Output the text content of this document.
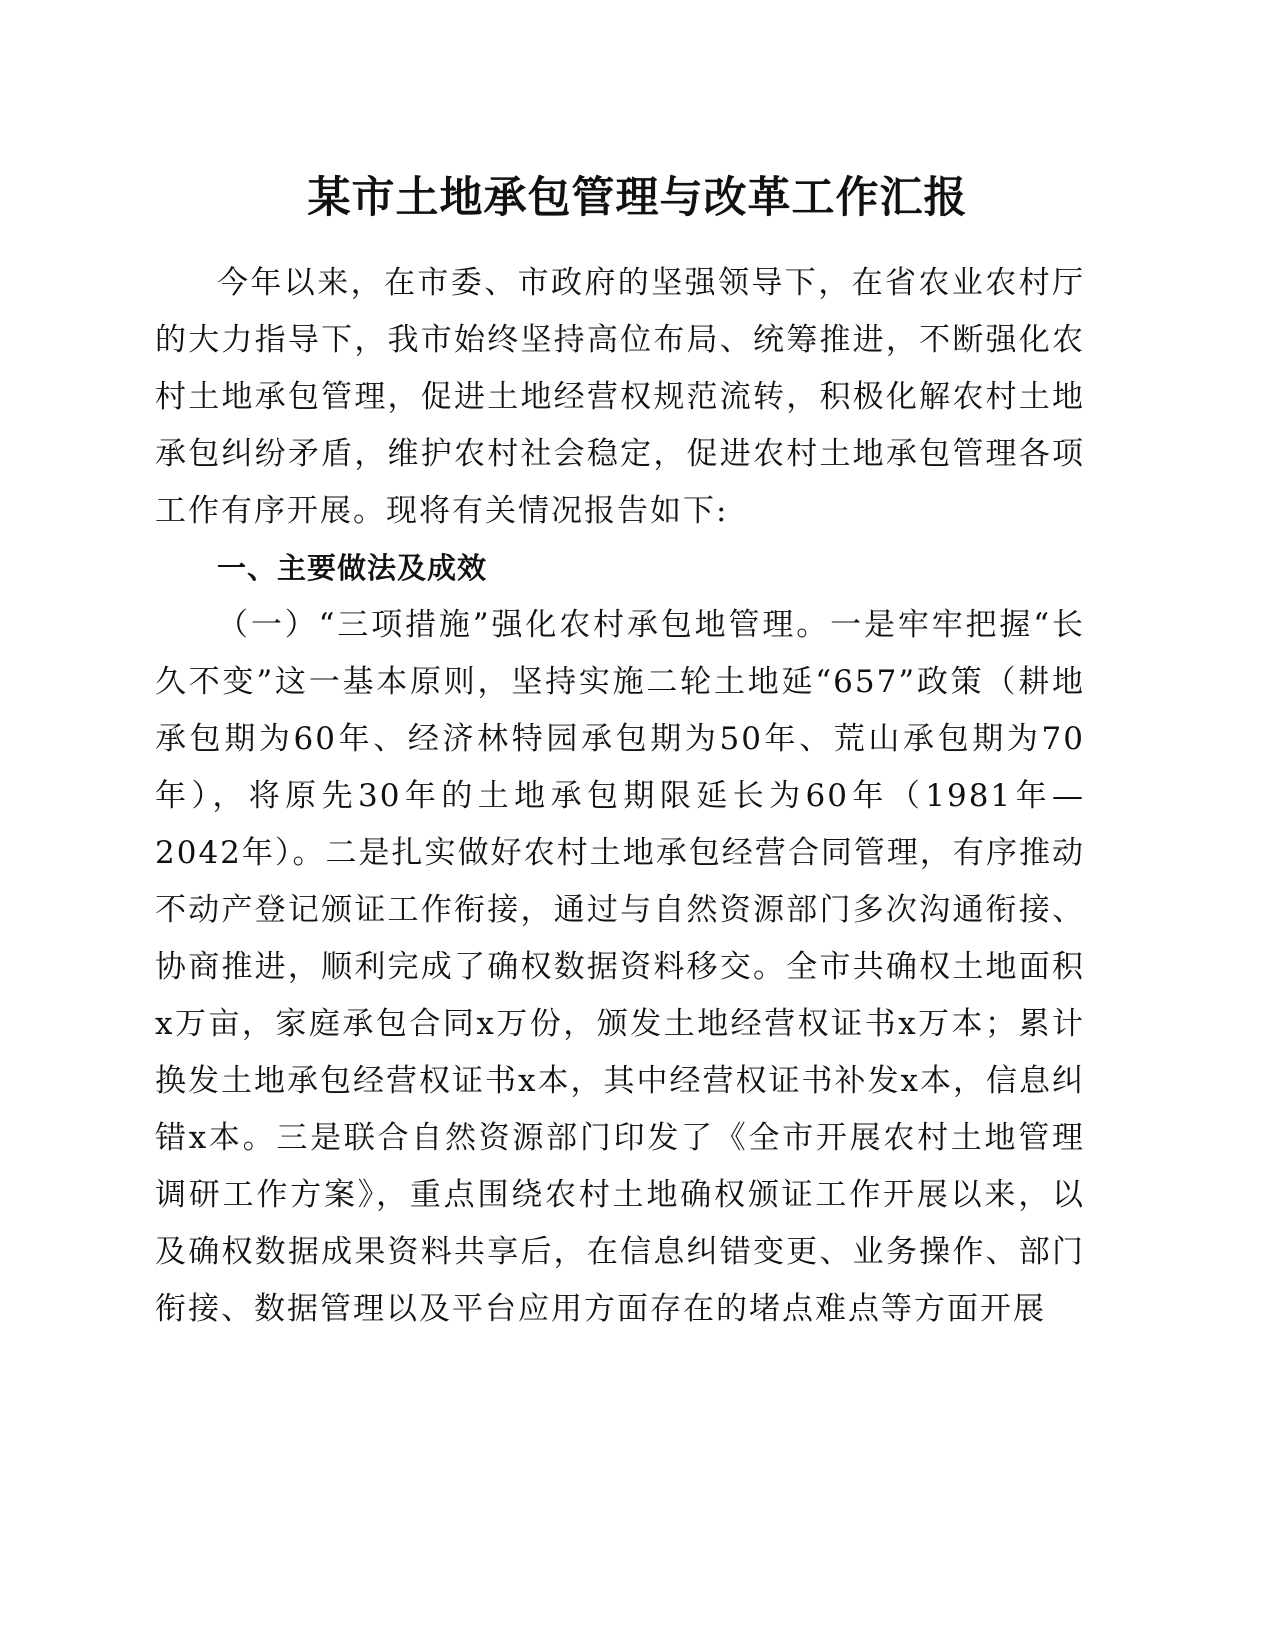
某市土地承包管理与改革工作汇报

今年以来，在市委、市政府的坚强领导下，在省农业农村厅的大力指导下，我市始终坚持高位布局、统筹推进，不断强化农村土地承包管理，促进土地经营权规范流转，积极化解农村土地承包纠纷矛盾，维护农村社会稳定，促进农村土地承包管理各项工作有序开展。现将有关情况报告如下:

一、主要做法及成效

（一）“三项措施”强化农村承包地管理。一是牢牢把握“长久不变”这一基本原则，坚持实施二轮土地延“657”政策（耕地承包期为60年、经济林特园承包期为50年、荒山承包期为70年），将原先30年的土地承包期限延长为60年（1981年—2042年）。二是扎实做好农村土地承包经营合同管理，有序推动不动产登记颁证工作衔接，通过与自然资源部门多次沟通衔接、协商推进，顺利完成了确权数据资料移交。全市共确权土地面积x万亩，家庭承包合同x万份，颁发土地经营权证书x万本；累计换发土地承包经营权证书x本，其中经营权证书补发x本，信息纠错x本。三是联合自然资源部门印发了《全市开展农村土地管理调研工作方案》，重点围绕农村土地确权颁证工作开展以来，以及确权数据成果资料共享后，在信息纠错变更、业务操作、部门衔接、数据管理以及平台应用方面存在的堵点难点等方面开展
